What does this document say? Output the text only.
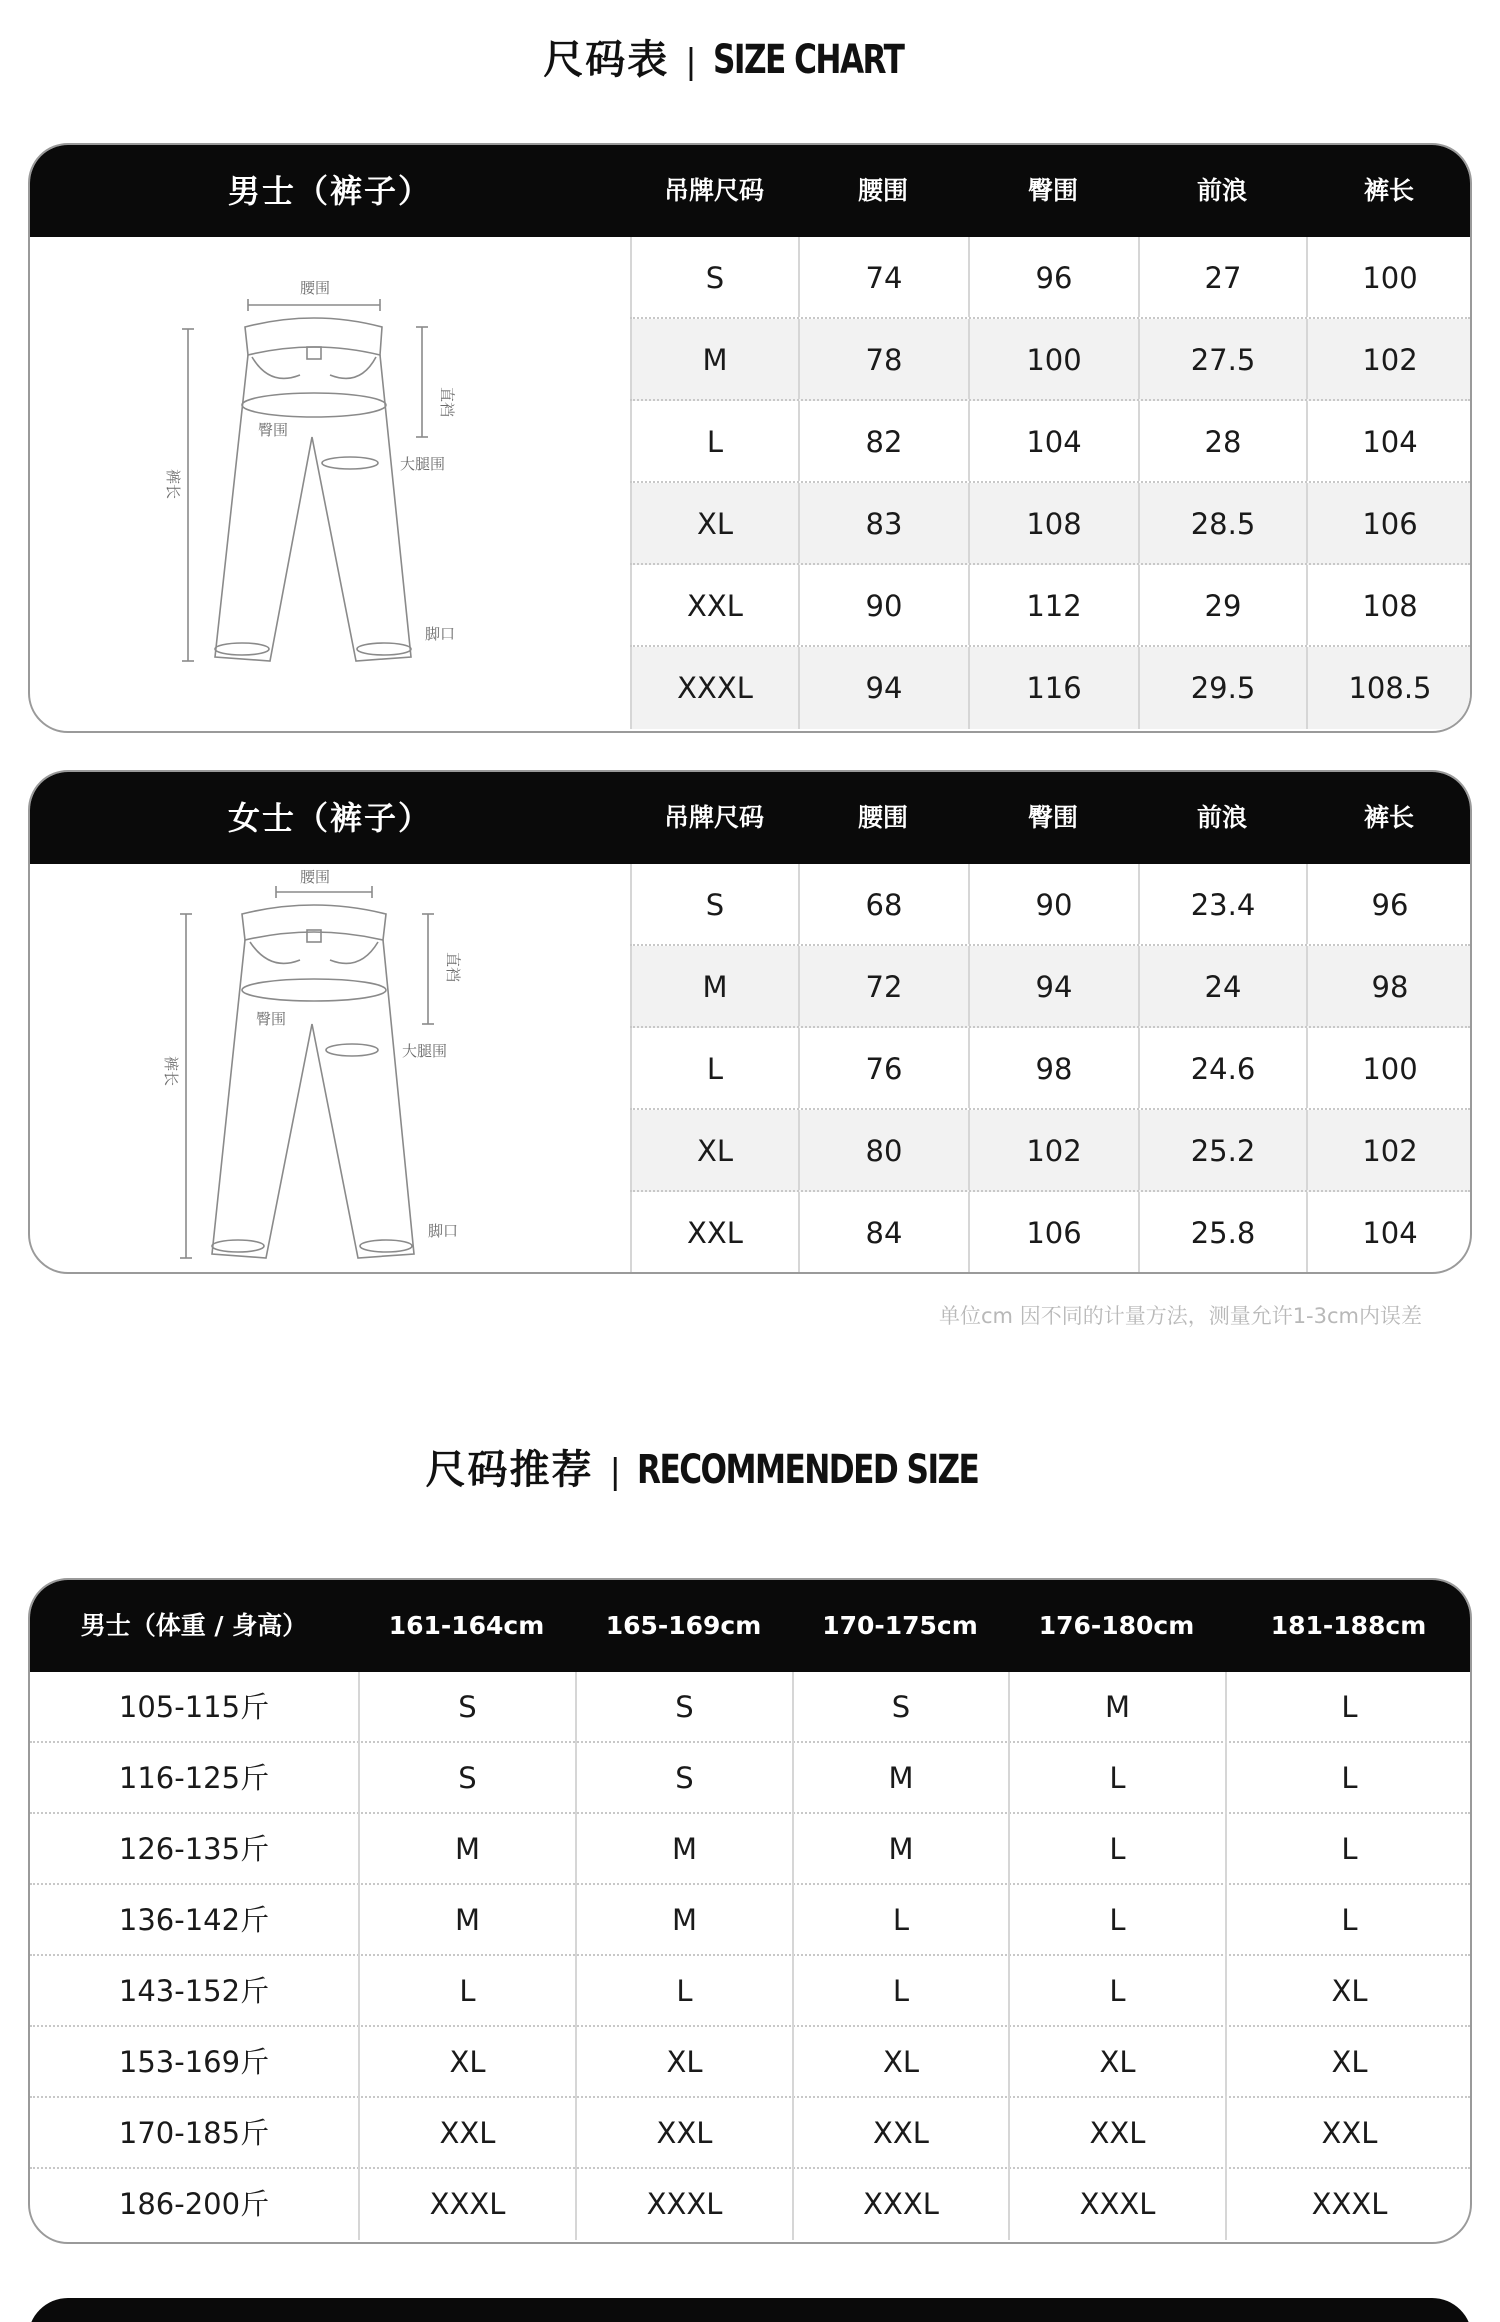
尺码表 | SIZE CHART
男士（裤子）	吊牌尺码	腰围	臀围	前浪	裤长
腰围
直裆
臀围
大腿围
裤长
脚口
S	74	96	27	100
M	78	100	27.5	102
L	82	104	28	104
XL	83	108	28.5	106
XXL	90	112	29	108
XXXL	94	116	29.5	108.5
女士（裤子）	吊牌尺码	腰围	臀围	前浪	裤长
腰围
直裆
臀围
大腿围
裤长
脚口
S	68	90	23.4	96
M	72	94	24	98
L	76	98	24.6	100
XL	80	102	25.2	102
XXL	84	106	25.8	104
单位cm 因不同的计量方法，测量允许1-3cm内误差
尺码推荐 | RECOMMENDED SIZE
男士（体重 / 身高）	161-164cm	165-169cm	170-175cm	176-180cm	181-188cm
105-115斤	S	S	S	M	L
116-125斤	S	S	M	L	L
126-135斤	M	M	M	L	L
136-142斤	M	M	L	L	L
143-152斤	L	L	L	L	XL
153-169斤	XL	XL	XL	XL	XL
170-185斤	XXL	XXL	XXL	XXL	XXL
186-200斤	XXXL	XXXL	XXXL	XXXL	XXXL
